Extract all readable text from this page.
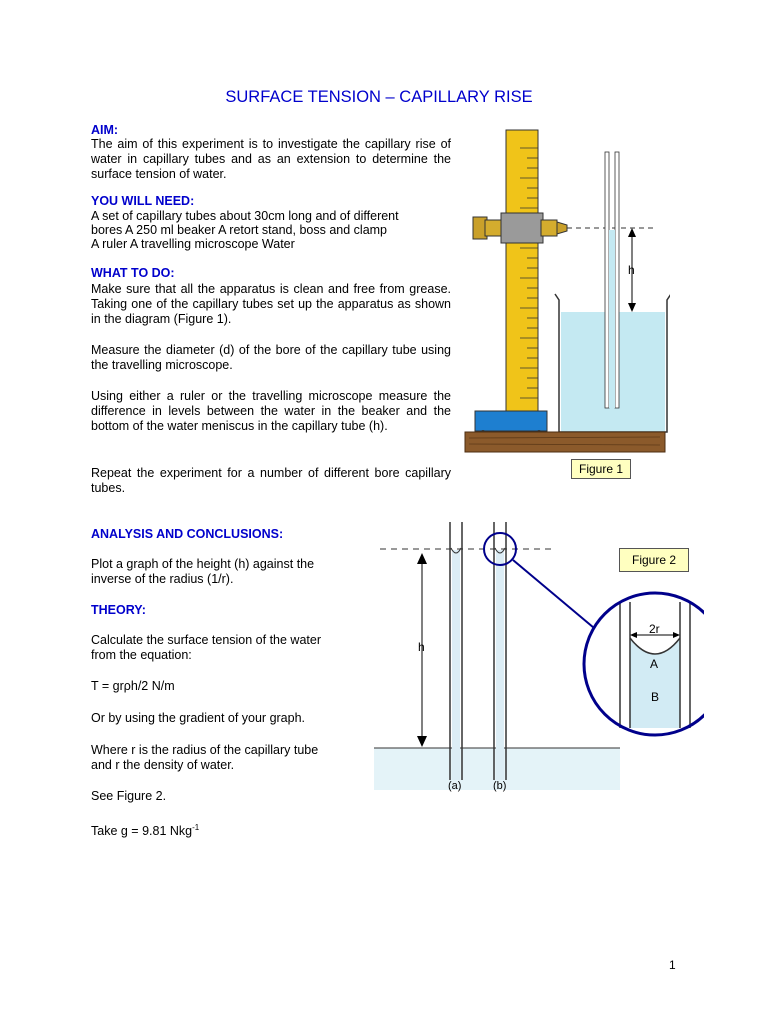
SURFACE TENSION – CAPILLARY RISE
AIM:
The aim of this experiment is to investigate the capillary rise of water in capillary tubes and as an extension to determine the surface tension of water.
YOU WILL NEED:
A set of capillary tubes about 30cm long and of different
bores A 250 ml beaker A retort stand, boss and clamp
A ruler A travelling microscope Water
WHAT TO DO:
Make sure that all the apparatus is clean and free from grease. Taking one of the capillary tubes set up the apparatus as shown in the diagram (Figure 1).
Measure the diameter (d) of the bore of the capillary tube using the travelling microscope.
Using either a ruler or the travelling microscope measure the difference in levels between the water in the beaker and the bottom of the water meniscus in the capillary tube (h).
Repeat the experiment for a number of different bore capillary tubes.
ANALYSIS AND CONCLUSIONS:
Plot a graph of the height (h) against the
inverse of the radius (1/r).
THEORY:
Calculate the surface tension of the water
from the equation:
T = grρh/2 N/m
Or by using the gradient of your graph.
Where r is the radius of the capillary tube
and r the density of water.
See Figure 2.
Take g = 9.81 Nkg$^{-1}$
h
Figure 1
h
2r
A
B
(a)	(b)
Figure 2
1
